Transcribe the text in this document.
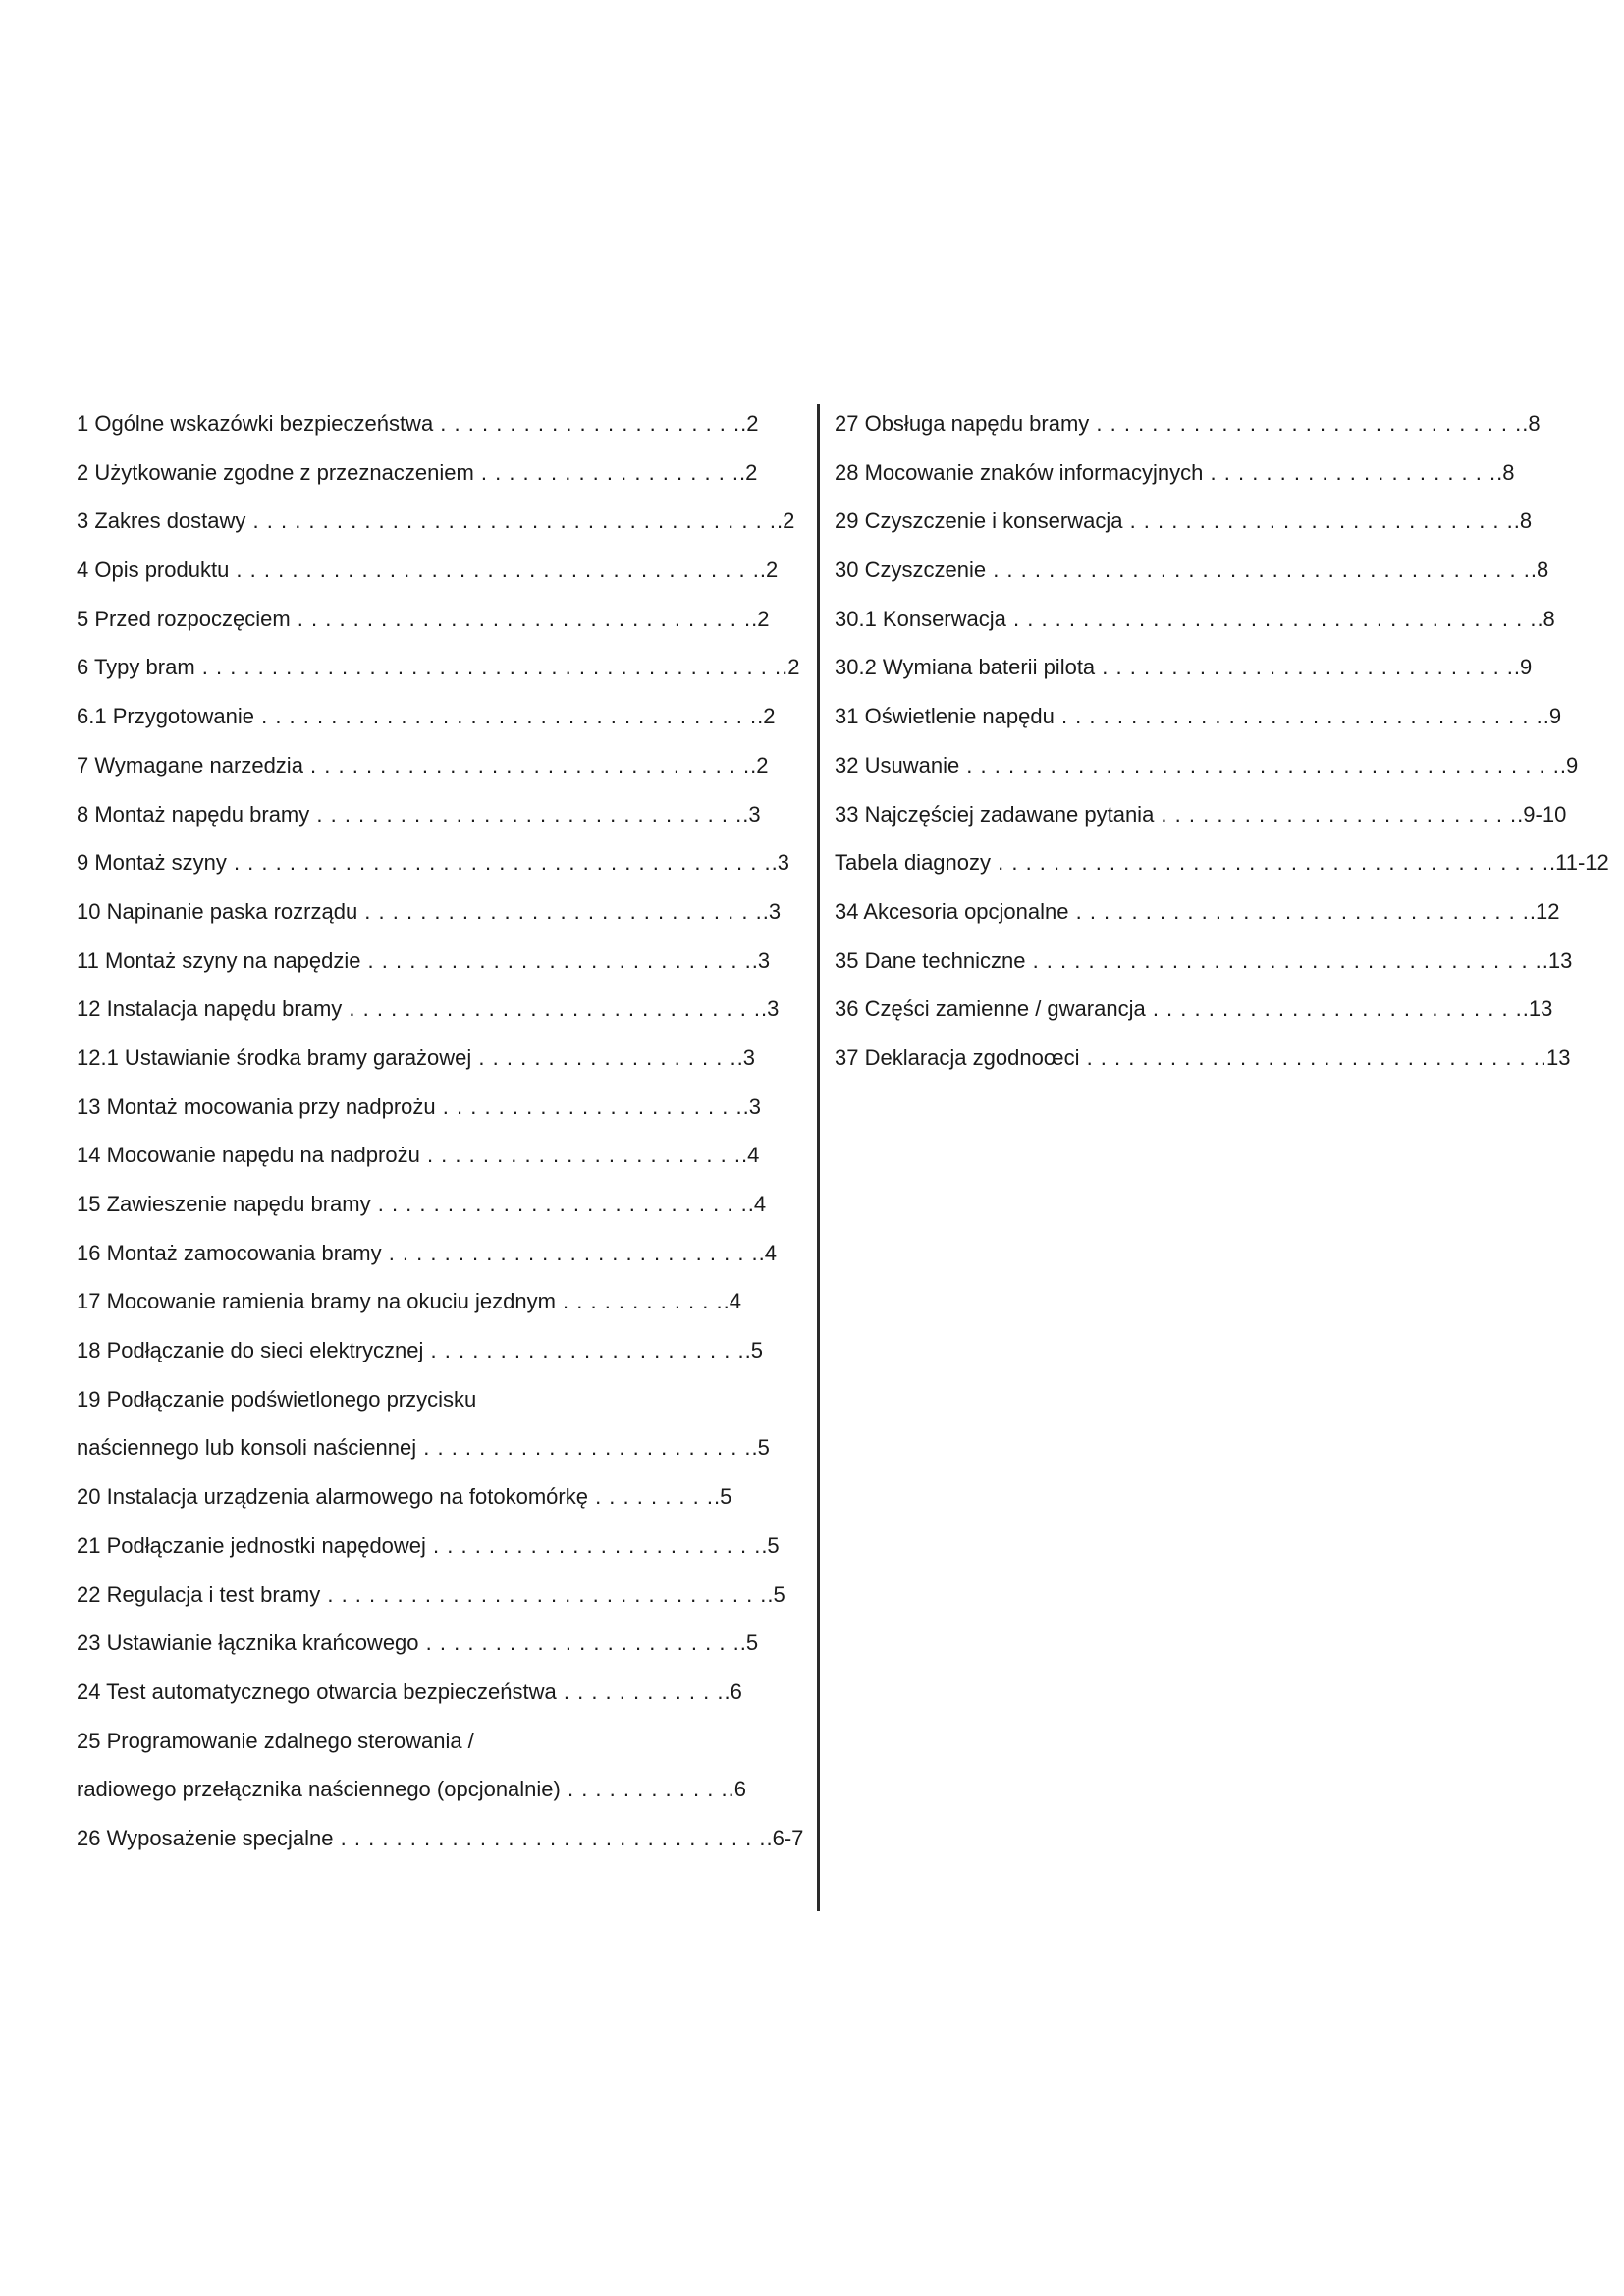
1 Ogólne wskazówki bezpieczeństwa . . . . . . . . . . . . . . . . . . . . . ..2
2 Użytkowanie zgodne z przeznaczeniem . . . . . . . . . . . . . . . . . . ..2
3 Zakres dostawy . . . . . . . . . . . . . . . . . . . . . . . . . . . . . . . . . . . . . ..2
4 Opis produktu . . . . . . . . . . . . . . . . . . . . . . . . . . . . . . . . . . . . . ..2
5 Przed rozpoczęciem . . . . . . . . . . . . . . . . . . . . . . . . . . . . . . . . ..2
6 Typy bram . . . . . . . . . . . . . . . . . . . . . . . . . . . . . . . . . . . . . . . . . ..2
6.1 Przygotowanie . . . . . . . . . . . . . . . . . . . . . . . . . . . . . . . . . . . ..2
7 Wymagane narzedzia . . . . . . . . . . . . . . . . . . . . . . . . . . . . . . . ..2
8 Montaż napędu bramy . . . . . . . . . . . . . . . . . . . . . . . . . . . . . . ..3
9 Montaż szyny . . . . . . . . . . . . . . . . . . . . . . . . . . . . . . . . . . . . . . ..3
10 Napinanie paska rozrządu . . . . . . . . . . . . . . . . . . . . . . . . . . . . ..3
11 Montaż szyny na napędzie . . . . . . . . . . . . . . . . . . . . . . . . . . . ..3
12 Instalacja napędu bramy . . . . . . . . . . . . . . . . . . . . . . . . . . . . . ..3
12.1 Ustawianie środka bramy garażowej . . . . . . . . . . . . . . . . . . ..3
13 Montaż mocowania przy nadprożu . . . . . . . . . . . . . . . . . . . . . ..3
14 Mocowanie napędu na nadprożu . . . . . . . . . . . . . . . . . . . . . . ..4
15 Zawieszenie napędu bramy . . . . . . . . . . . . . . . . . . . . . . . . . . ..4
16 Montaż zamocowania bramy . . . . . . . . . . . . . . . . . . . . . . . . . . ..4
17 Mocowanie ramienia bramy na okuciu jezdnym . . . . . . . . . . . ..4
18 Podłączanie do sieci elektrycznej . . . . . . . . . . . . . . . . . . . . . . ..5
19 Podłączanie podświetlonego przycisku
naściennego lub konsoli naściennej . . . . . . . . . . . . . . . . . . . . . . . ..5
20 Instalacja urządzenia alarmowego na fotokomórkę . . . . . . . . ..5
21 Podłączanie jednostki napędowej . . . . . . . . . . . . . . . . . . . . . . . ..5
22 Regulacja i test bramy . . . . . . . . . . . . . . . . . . . . . . . . . . . . . . . ..5
23 Ustawianie łącznika krańcowego . . . . . . . . . . . . . . . . . . . . . . ..5
24 Test automatycznego otwarcia bezpieczeństwa . . . . . . . . . . . ..6
25 Programowanie zdalnego sterowania /
radiowego przełącznika naściennego (opcjonalnie) . . . . . . . . . . . ..6
26 Wyposażenie specjalne . . . . . . . . . . . . . . . . . . . . . . . . . . . . . . ..6-7
27 Obsługa napędu bramy . . . . . . . . . . . . . . . . . . . . . . . . . . . . . . ..8
28 Mocowanie znaków informacyjnych . . . . . . . . . . . . . . . . . . . . ..8
29 Czyszczenie i konserwacja . . . . . . . . . . . . . . . . . . . . . . . . . . . ..8
30 Czyszczenie . . . . . . . . . . . . . . . . . . . . . . . . . . . . . . . . . . . . . . ..8
30.1 Konserwacja . . . . . . . . . . . . . . . . . . . . . . . . . . . . . . . . . . . . . ..8
30.2 Wymiana baterii pilota . . . . . . . . . . . . . . . . . . . . . . . . . . . . . ..9
31 Oświetlenie napędu . . . . . . . . . . . . . . . . . . . . . . . . . . . . . . . . . . ..9
32 Usuwanie . . . . . . . . . . . . . . . . . . . . . . . . . . . . . . . . . . . . . . . . . . ..9
33 Najczęściej zadawane pytania . . . . . . . . . . . . . . . . . . . . . . . . . ..9-10
Tabela diagnozy . . . . . . . . . . . . . . . . . . . . . . . . . . . . . . . . . . . . . . . ..11-12
34 Akcesoria opcjonalne . . . . . . . . . . . . . . . . . . . . . . . . . . . . . . . . ..12
35 Dane techniczne . . . . . . . . . . . . . . . . . . . . . . . . . . . . . . . . . . . . ..13
36 Części zamienne / gwarancja . . . . . . . . . . . . . . . . . . . . . . . . . . ..13
37 Deklaracja zgodnoœci . . . . . . . . . . . . . . . . . . . . . . . . . . . . . . . . ..13
